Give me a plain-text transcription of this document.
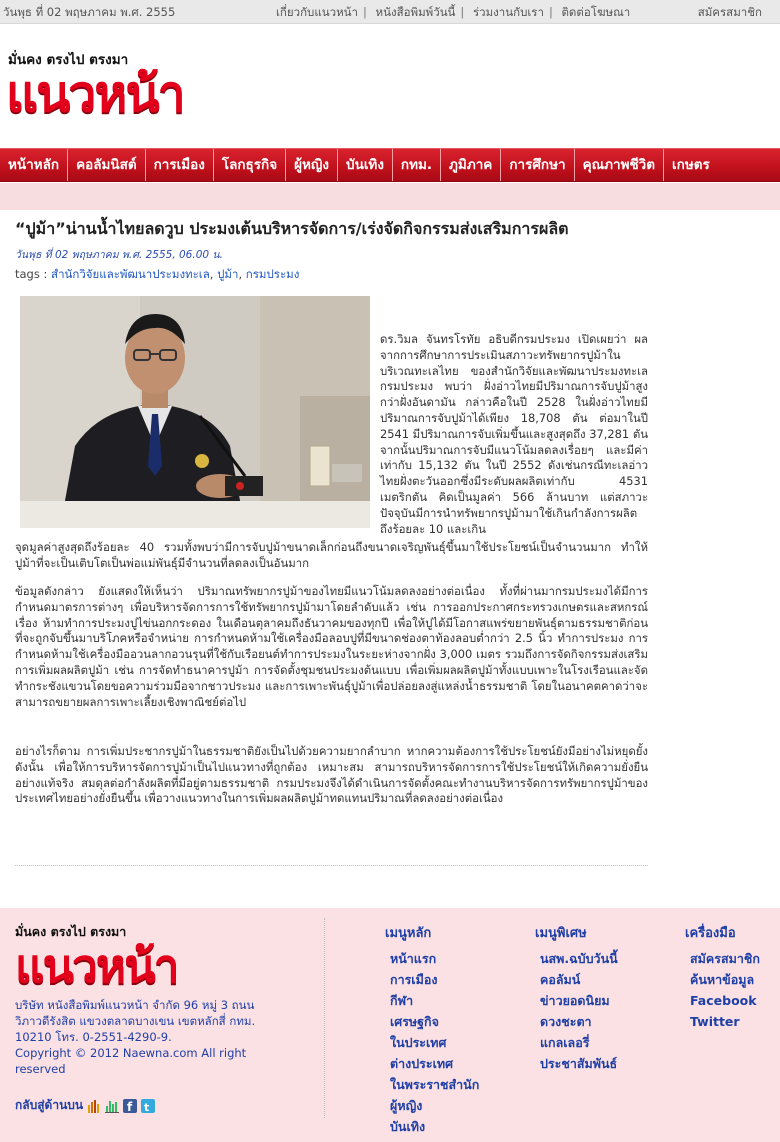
วันพุธ ที่ 02 พฤษภาคม พ.ศ. 2555	เกี่ยวกับแนวหน้า | หนังสือพิมพ์วันนี้ | ร่วมงานกับเรา | ติดต่อโฆษณา	สมัครสมาชิก
มั่นคง ตรงไป ตรงมา
แนวหน้า
หน้าหลัก	คอลัมนิสต์	การเมือง	โลกธุรกิจ	ผู้หญิง	บันเทิง	กทม.	ภูมิภาค	การศึกษา	คุณภาพชีวิต	เกษตร
“ปูม้า”น่านน้ำไทยลดวูบ ประมงเต้นบริหารจัดการ/เร่งจัดกิจกรรมส่งเสริมการผลิต
วันพุธ ที่ 02 พฤษภาคม พ.ศ. 2555, 06.00 น.
tags : สำนักวิจัยและพัฒนาประมงทะเล, ปูม้า, กรมประมง

ดร.วิมล จันทรโรทัย อธิบดีกรมประมง เปิดเผยว่า ผลจากการศึกษาการประเมินสภาวะทรัพยากรปูม้าในบริเวณทะเลไทย ของสำนักวิจัยและพัฒนาประมงทะเล กรมประมง พบว่า ฝั่งอ่าวไทยมีปริมาณการจับปูม้าสูงกว่าฝั่งอันดามัน กล่าวคือในปี 2528 ในฝั่งอ่าวไทยมีปริมาณการจับปูม้าได้เพียง 18,708 ตัน ต่อมาในปี 2541 มีปริมาณการจับเพิ่มขึ้นและสูงสุดถึง 37,281 ตัน จากนั้นปริมาณการจับมีแนวโน้มลดลงเรื่อยๆ และมีค่าเท่ากับ 15,132 ตัน ในปี 2552 ดังเช่นกรณีทะเลอ่าวไทยฝั่งตะวันออกซึ่งมีระดับผลผลิตเท่ากับ 4531 เมตริกตัน คิดเป็นมูลค่า 566 ล้านบาท แต่สภาวะปัจจุบันมีการนำทรัพยากรปูม้ามาใช้เกินกำลังการผลิตถึงร้อยละ 10 และเกิน

จุดมูลค่าสูงสุดถึงร้อยละ 40 รวมทั้งพบว่ามีการจับปูม้าขนาดเล็กก่อนถึงขนาดเจริญพันธุ์ขึ้นมาใช้ประโยชน์เป็นจำนวนมาก ทำให้ปูม้าที่จะเป็นเติบโตเป็นพ่อแม่พันธุ์มีจำนวนที่ลดลงเป็นอันมาก

ข้อมูลดังกล่าว ยังแสดงให้เห็นว่า ปริมาณทรัพยากรปูม้าของไทยมีแนวโน้มลดลงอย่างต่อเนื่อง ทั้งที่ผ่านมากรมประมงได้มีการกำหนดมาตรการต่างๆ เพื่อบริหารจัดการการใช้ทรัพยากรปูม้ามาโดยลำดับแล้ว เช่น การออกประกาศกระทรวงเกษตรและสหกรณ์ เรื่อง ห้ามทำการประมงปูไข่นอกกระดอง ในเดือนตุลาคมถึงธันวาคมของทุกปี เพื่อให้ปูได้มีโอกาสแพร่ขยายพันธุ์ตามธรรมชาติก่อนที่จะถูกจับขึ้นมาบริโภคหรือจำหน่าย การกำหนดห้ามใช้เครื่องมือลอบปูที่มีขนาดช่องตาท้องลอบต่ำกว่า 2.5 นิ้ว ทำการประมง การกำหนดห้ามใช้เครื่องมืออวนลากอวนรุนที่ใช้กับเรือยนต์ทำการประมงในระยะห่างจากฝั่ง 3,000 เมตร รวมถึงการจัดกิจกรรมส่งเสริมการเพิ่มผลผลิตปูม้า เช่น การจัดทำธนาคารปูม้า การจัดตั้งชุมชนประมงต้นแบบ เพื่อเพิ่มผลผลิตปูม้าทั้งแบบเพาะในโรงเรือนและจัดทำกระชังแขวนโดยขอความร่วมมือจากชาวประมง และการเพาะพันธุ์ปูม้าเพื่อปล่อยลงสู่แหล่งน้ำธรรมชาติ โดยในอนาคตคาดว่าจะสามารถขยายผลการเพาะเลี้ยงเชิงพาณิชย์ต่อไป

อย่างไรก็ตาม การเพิ่มประชากรปูม้าในธรรมชาติยังเป็นไปด้วยความยากลำบาก หากความต้องการใช้ประโยชน์ยังมีอย่างไม่หยุดยั้ง ดังนั้น เพื่อให้การบริหารจัดการปูม้าเป็นไปแนวทางที่ถูกต้อง เหมาะสม สามารถบริหารจัดการการใช้ประโยชน์ให้เกิดความยั่งยืนอย่างแท้จริง สมดุลต่อกำลังผลิตที่มีอยู่ตามธรรมชาติ กรมประมงจึงได้ดำเนินการจัดตั้งคณะทำงานบริหารจัดการทรัพยากรปูม้าของประเทศไทยอย่างยั่งยืนขึ้น เพื่อวางแนวทางในการเพิ่มผลผลิตปูม้าทดแทนปริมาณที่ลดลงอย่างต่อเนื่อง

มั่นคง ตรงไป ตรงมา
แนวหน้า
บริษัท หนังสือพิมพ์แนวหน้า จำกัด 96 หมู่ 3 ถนนวิภาวดีรังสิต แขวงตลาดบางเขน เขตหลักสี่ กทม. 10210 โทร. 0-2551-4290-9.
Copyright © 2012 Naewna.com All right reserved
กลับสู่ด้านบน	f t
เมนูหลัก
หน้าแรก
การเมือง
กีฬา
เศรษฐกิจ
ในประเทศ
ต่างประเทศ
ในพระราชสำนัก
ผู้หญิง
บันเทิง
เมนูพิเศษ
นสพ.ฉบับวันนี้
คอลัมน์
ข่าวยอดนิยม
ดวงชะตา
แกลเลอรี่
ประชาสัมพันธ์
เครื่องมือ
สมัครสมาชิก
ค้นหาข้อมูล
Facebook
Twitter
